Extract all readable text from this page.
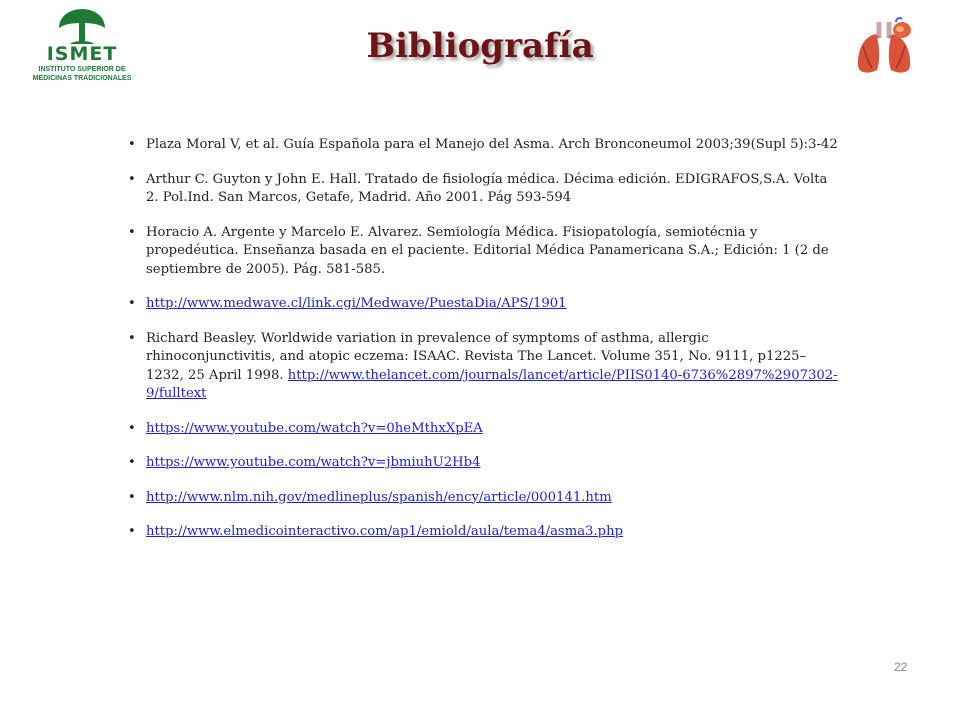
ISMET
INSTITUTO SUPERIOR DE
MEDICINAS TRADICIONALES
Bibliografía
• Plaza Moral V, et al. Guía Española para el Manejo del Asma. Arch Bronconeumol 2003;39(Supl 5):3-42
• Arthur C. Guyton y John E. Hall. Tratado de fisiología médica. Décima edición. EDIGRAFOS,S.A. Volta 2. Pol.Ind. San Marcos, Getafe, Madrid. Año 2001. Pág 593-594
• Horacio A. Argente y Marcelo E. Alvarez. Semiología Médica. Fisiopatología, semiotécnia y propedéutica. Enseñanza basada en el paciente. Editorial Médica Panamericana S.A.; Edición: 1 (2 de septiembre de 2005). Pág. 581-585.
• http://www.medwave.cl/link.cgi/Medwave/PuestaDia/APS/1901
• Richard Beasley. Worldwide variation in prevalence of symptoms of asthma, allergic rhinoconjunctivitis, and atopic eczema: ISAAC. Revista The Lancet. Volume 351, No. 9111, p1225–1232, 25 April 1998. http://www.thelancet.com/journals/lancet/article/PIIS0140-6736%2897%2907302-9/fulltext
• https://www.youtube.com/watch?v=0heMthxXpEA
• https://www.youtube.com/watch?v=jbmiuhU2Hb4
• http://www.nlm.nih.gov/medlineplus/spanish/ency/article/000141.htm
• http://www.elmedicointeractivo.com/ap1/emiold/aula/tema4/asma3.php
22
